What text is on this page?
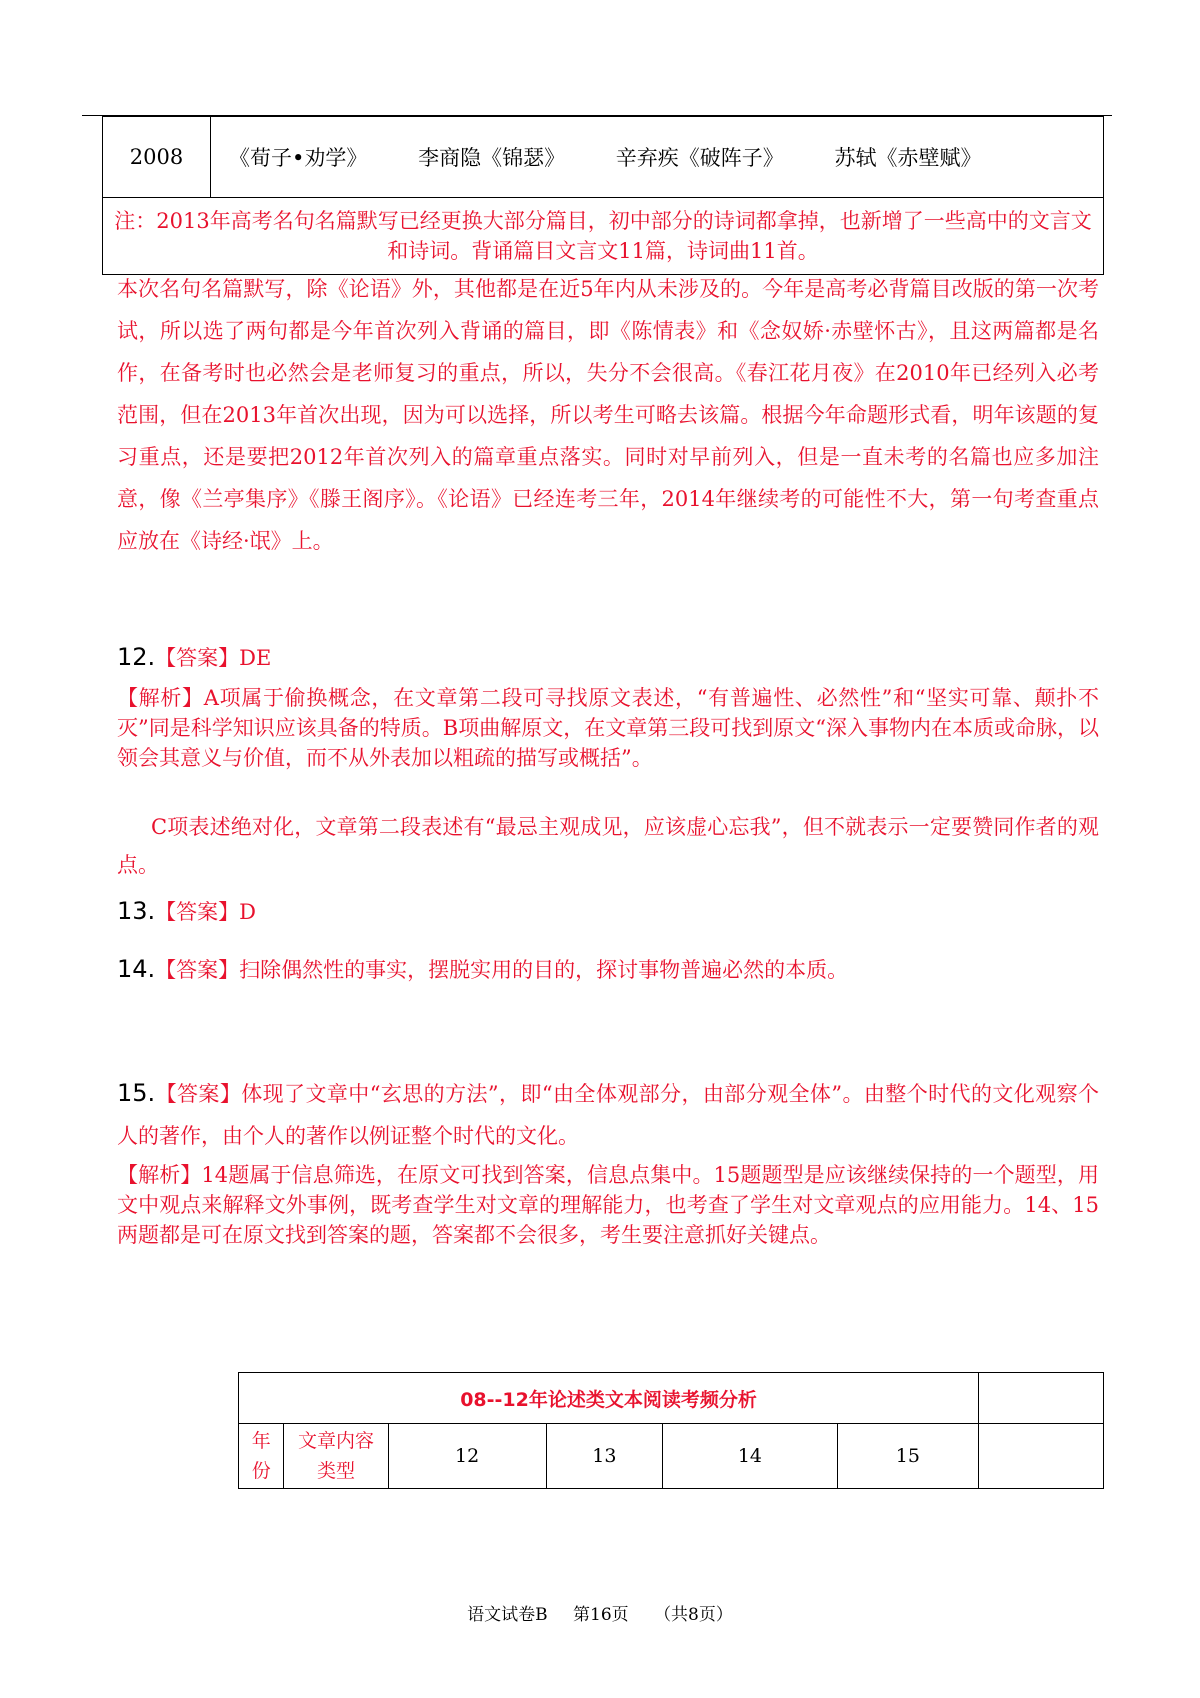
2008	《荀子•劝学》 李商隐《锦瑟》 辛弃疾《破阵子》 苏轼《赤壁赋》
注：2013年高考名句名篇默写已经更换大部分篇目，初中部分的诗词都拿掉，也新增了一些高中的文言文和诗词。背诵篇目文言文11篇，诗词曲11首。

本次名句名篇默写，除《论语》外，其他都是在近5年内从未涉及的。今年是高考必背篇目改版的第一次考试，所以选了两句都是今年首次列入背诵的篇目，即《陈情表》和《念奴娇·赤壁怀古》，且这两篇都是名作，在备考时也必然会是老师复习的重点，所以，失分不会很高。《春江花月夜》在2010年已经列入必考范围，但在2013年首次出现，因为可以选择，所以考生可略去该篇。根据今年命题形式看，明年该题的复习重点，还是要把2012年首次列入的篇章重点落实。同时对早前列入，但是一直未考的名篇也应多加注意，像《兰亭集序》《滕王阁序》。《论语》已经连考三年，2014年继续考的可能性不大，第一句考查重点应放在《诗经·氓》上。

12.【答案】DE

【解析】A项属于偷换概念，在文章第二段可寻找原文表述，“有普遍性、必然性”和“坚实可靠、颠扑不灭”同是科学知识应该具备的特质。B项曲解原文，在文章第三段可找到原文“深入事物内在本质或命脉，以领会其意义与价值，而不从外表加以粗疏的描写或概括”。

C项表述绝对化，文章第二段表述有“最忌主观成见，应该虚心忘我”，但不就表示一定要赞同作者的观点。

13.【答案】D

14.【答案】扫除偶然性的事实，摆脱实用的目的，探讨事物普遍必然的本质。

15.【答案】体现了文章中“玄思的方法”，即“由全体观部分，由部分观全体”。由整个时代的文化观察个人的著作，由个人的著作以例证整个时代的文化。

【解析】14题属于信息筛选，在原文可找到答案，信息点集中。15题题型是应该继续保持的一个题型，用文中观点来解释文外事例，既考查学生对文章的理解能力，也考查了学生对文章观点的应用能力。14、15两题都是可在原文找到答案的题，答案都不会很多，考生要注意抓好关键点。

08--12年论述类文本阅读考频分析						
年份	文章内容类型	12	13	14	15	
语文试卷B 第16页 （共8页）
